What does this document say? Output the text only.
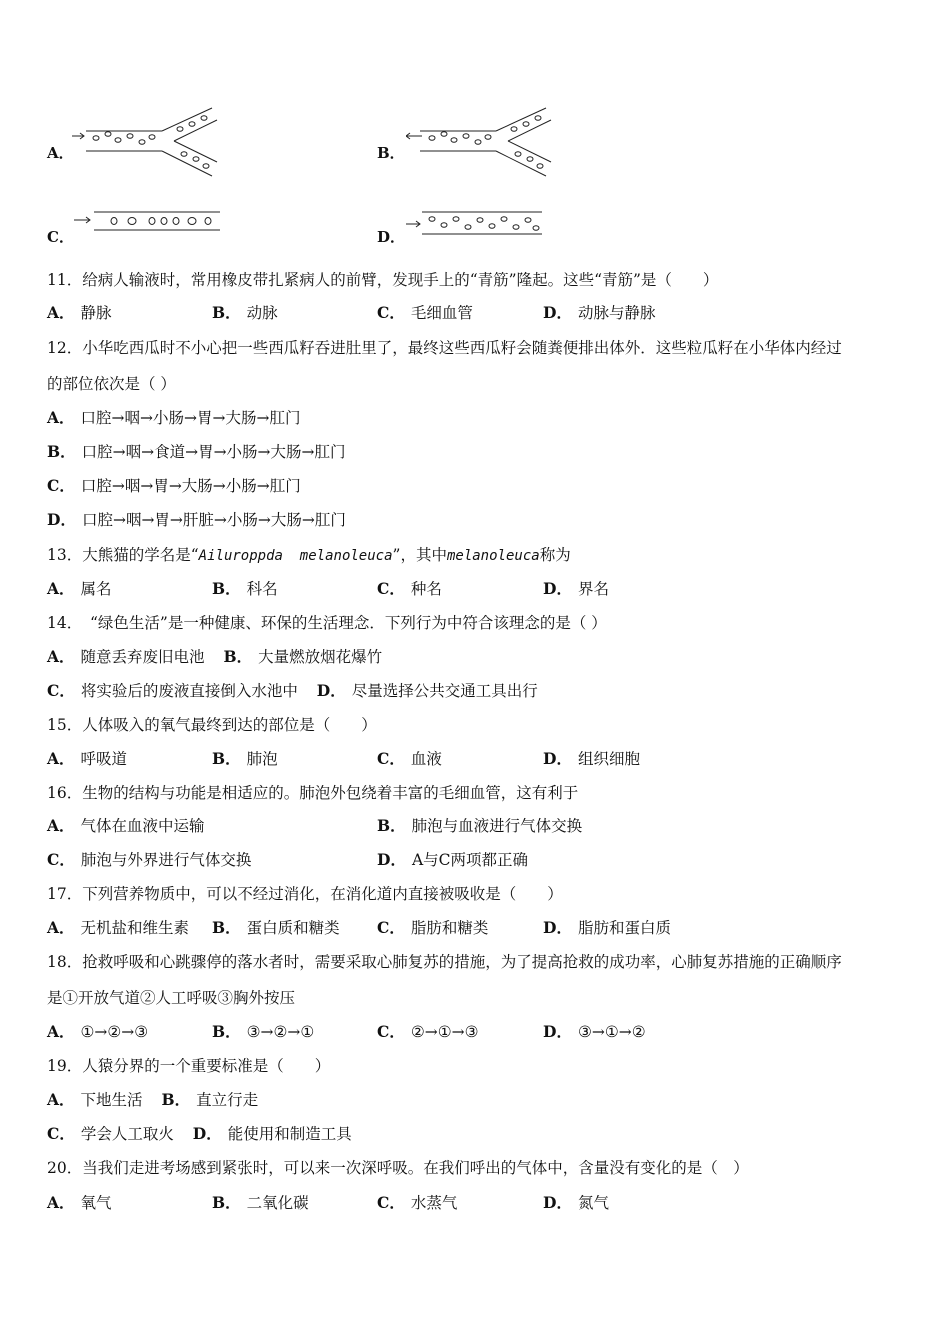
A．	B．
C．	D．
11．给病人输液时，常用橡皮带扎紧病人的前臂，发现手上的“青筋”隆起。这些“青筋”是（　　）
A． 静脉	B． 动脉	C． 毛细血管	D． 动脉与静脉
12．小华吃西瓜时不小心把一些西瓜籽吞进肚里了，最终这些西瓜籽会随粪便排出体外．这些粒瓜籽在小华体内经过
的部位依次是（ ）
A． 口腔→咽→小肠→胃→大肠→肛门
B． 口腔→咽→食道→胃→小肠→大肠→肛门
C． 口腔→咽→胃→大肠→小肠→肛门
D． 口腔→咽→胃→肝脏→小肠→大肠→肛门
13．大熊猫的学名是“Ailuroppda  melanoleuca”，其中melanoleuca称为
A． 属名	B． 科名	C． 种名	D． 界名
14．　“绿色生活”是一种健康、环保的生活理念．下列行为中符合该理念的是（ ）
A． 随意丢弃废旧电池 B． 大量燃放烟花爆竹
C． 将实验后的废液直接倒入水池中 D． 尽量选择公共交通工具出行
15．人体吸入的氧气最终到达的部位是（　　）
A． 呼吸道	B． 肺泡	C． 血液	D． 组织细胞
16．生物的结构与功能是相适应的。肺泡外包绕着丰富的毛细血管，这有利于
A． 气体在血液中运输	B． 肺泡与血液进行气体交换
C． 肺泡与外界进行气体交换	D． A与C两项都正确
17．下列营养物质中，可以不经过消化，在消化道内直接被吸收是（　　）
A． 无机盐和维生素 B． 蛋白质和糖类 C． 脂肪和糖类	D． 脂肪和蛋白质
18．抢救呼吸和心跳骤停的落水者时，需要采取心肺复苏的措施，为了提高抢救的成功率，心肺复苏措施的正确顺序
是①开放气道②人工呼吸③胸外按压
A． ①→②→③	B． ③→②→①	C． ②→①→③	D． ③→①→②
19．人猿分界的一个重要标准是（　　）
A． 下地生活 B． 直立行走
C． 学会人工取火 D． 能使用和制造工具
20．当我们走进考场感到紧张时，可以来一次深呼吸。在我们呼出的气体中，含量没有变化的是（　）
A． 氧气	B． 二氧化碳	C． 水蒸气	D． 氮气
